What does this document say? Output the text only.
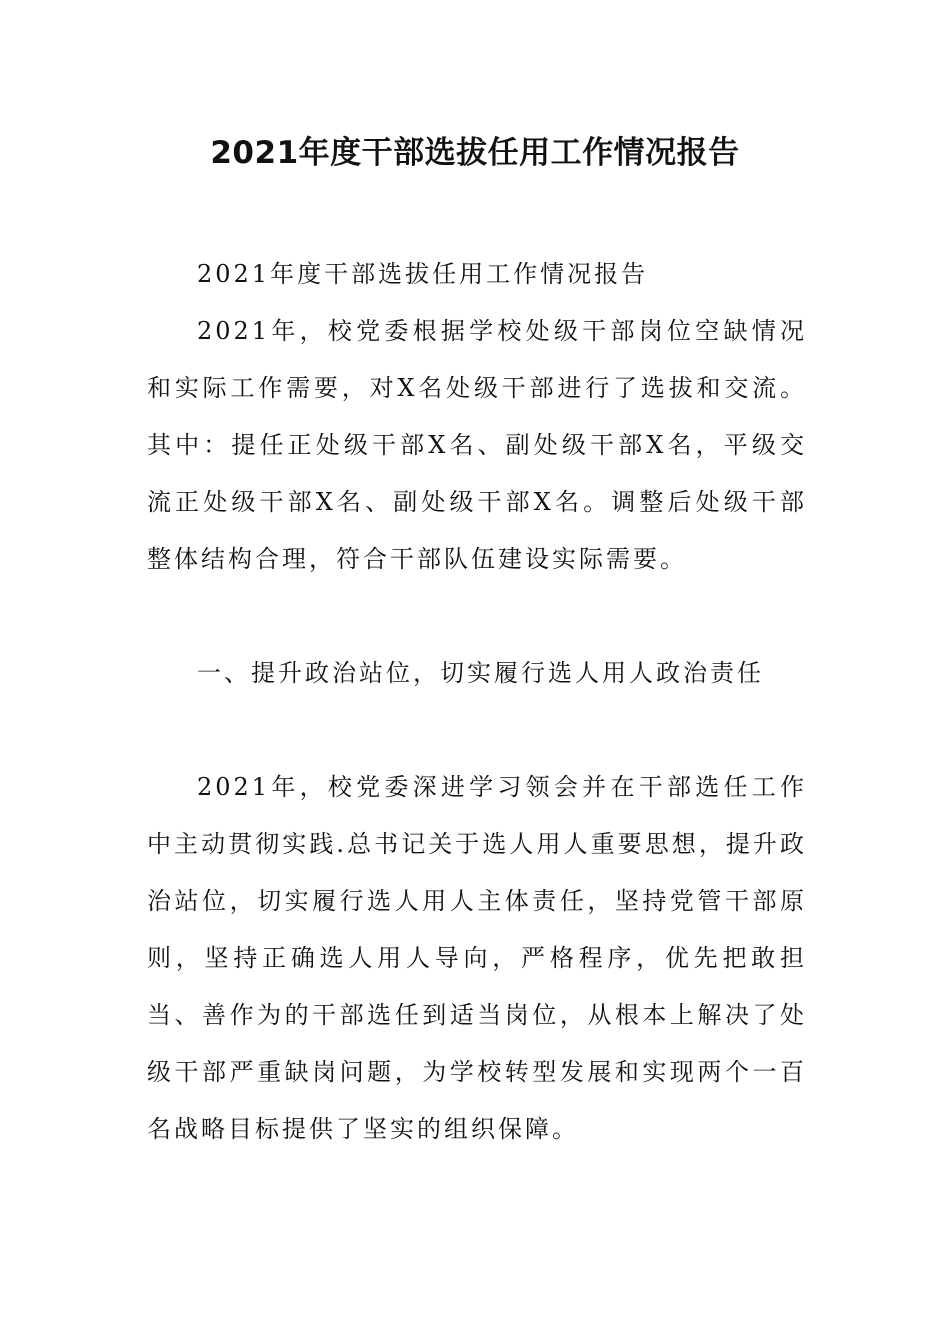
2021年度干部选拔任用工作情况报告

2021年度干部选拔任用工作情况报告

2021年，校党委根据学校处级干部岗位空缺情况和实际工作需要，对X名处级干部进行了选拔和交流。其中：提任正处级干部X名、副处级干部X名，平级交流正处级干部X名、副处级干部X名。调整后处级干部整体结构合理，符合干部队伍建设实际需要。

一、提升政治站位，切实履行选人用人政治责任

2021年，校党委深进学习领会并在干部选任工作中主动贯彻实践.总书记关于选人用人重要思想，提升政治站位，切实履行选人用人主体责任，坚持党管干部原则，坚持正确选人用人导向，严格程序，优先把敢担当、善作为的干部选任到适当岗位，从根本上解决了处级干部严重缺岗问题，为学校转型发展和实现两个一百名战略目标提供了坚实的组织保障。
